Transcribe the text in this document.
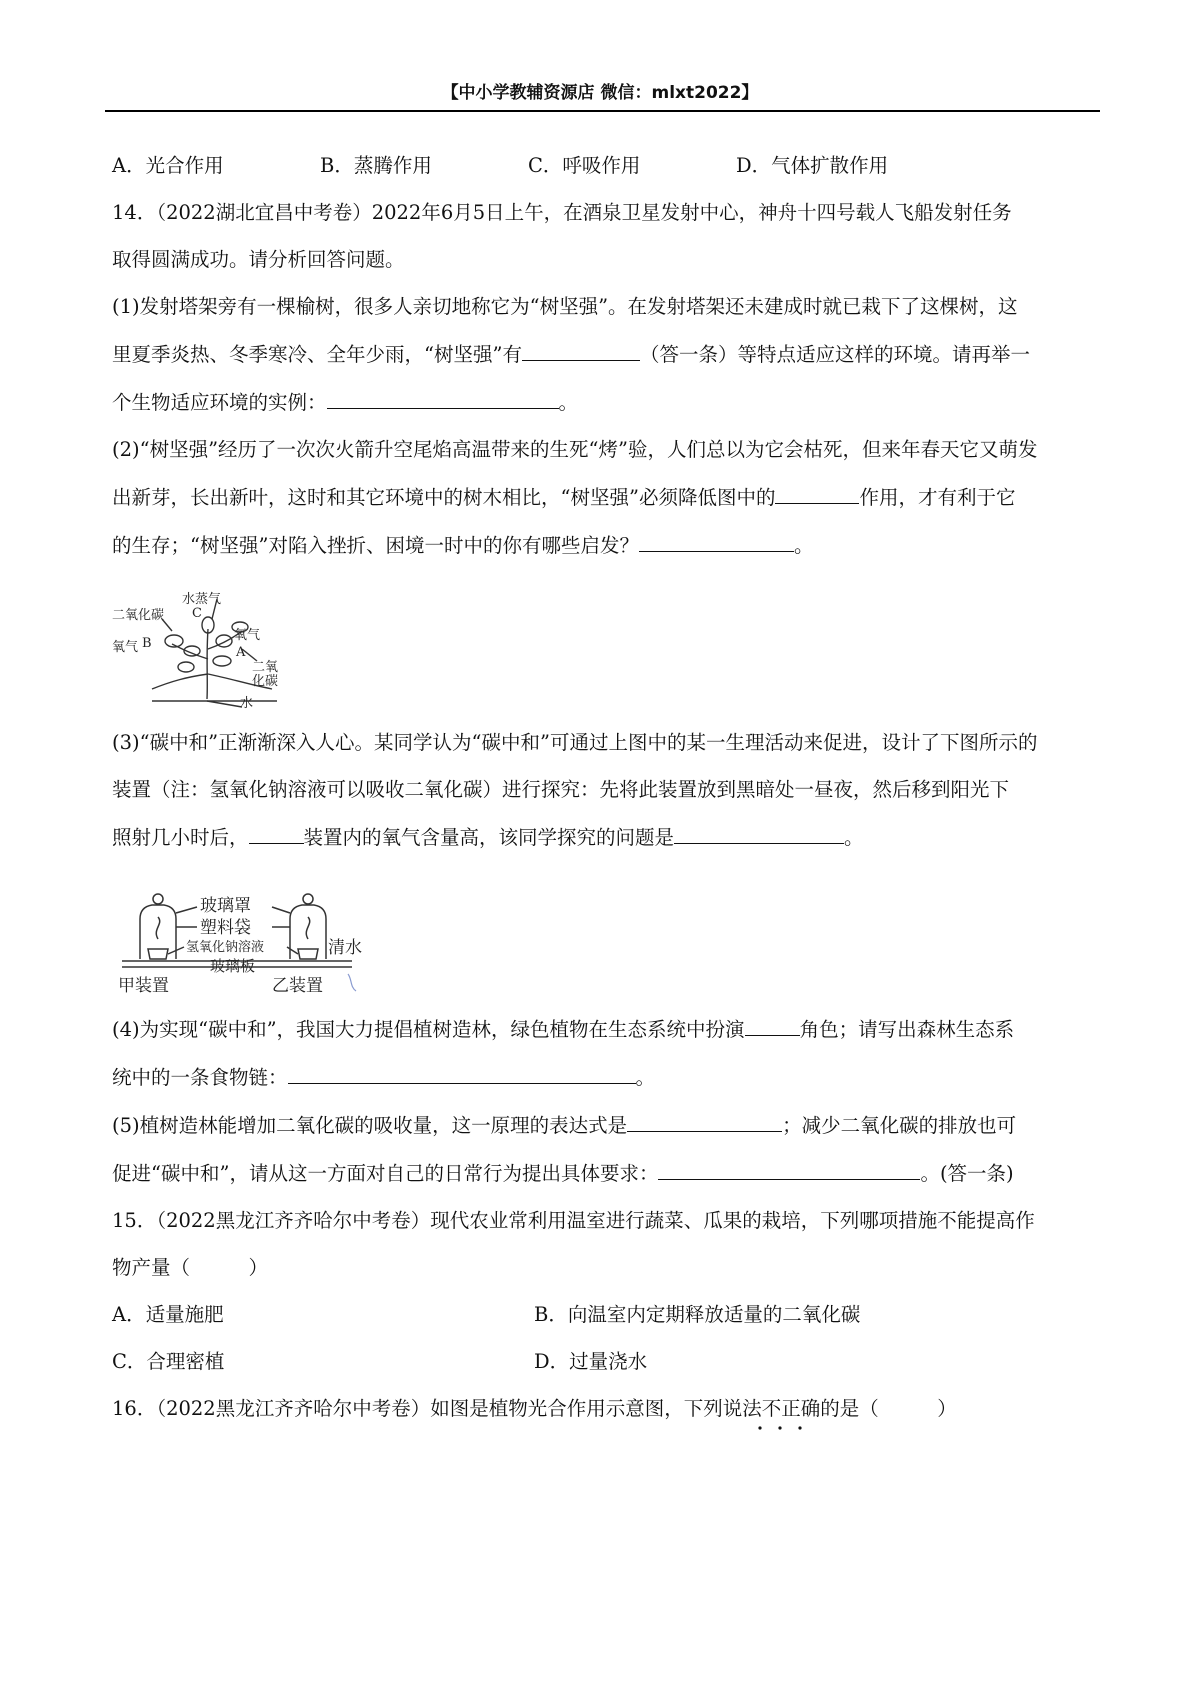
【中小学教辅资源店 微信：mlxt2022】
A．光合作用	B．蒸腾作用	C．呼吸作用	D．气体扩散作用
14．（2022湖北宜昌中考卷）2022年6月5日上午，在酒泉卫星发射中心，神舟十四号载人飞船发射任务
取得圆满成功。请分析回答问题。
(1)发射塔架旁有一棵榆树，很多人亲切地称它为“树坚强”。在发射塔架还未建成时就已栽下了这棵树，这
里夏季炎热、冬季寒冷、全年少雨，“树坚强”有	（答一条）等特点适应这样的环境。请再举一
个生物适应环境的实例：	。
(2)“树坚强”经历了一次次火箭升空尾焰高温带来的生死“烤”验，人们总以为它会枯死，但来年春天它又萌发
出新芽，长出新叶，这时和其它环境中的树木相比，“树坚强”必须降低图中的	作用，才有利于它
的生存；“树坚强”对陷入挫折、困境一时中的你有哪些启发？	。
水蒸气
二氧化碳 C
氧气 B
氧气
A
二氧
化碳
水
(3)“碳中和”正渐渐深入人心。某同学认为“碳中和”可通过上图中的某一生理活动来促进，设计了下图所示的
装置（注：氢氧化钠溶液可以吸收二氧化碳）进行探究：先将此装置放到黑暗处一昼夜，然后移到阳光下
照射几小时后，	装置内的氧气含量高，该同学探究的问题是	。
玻璃罩
塑料袋
氢氧化钠溶液	清水
玻璃板
甲装置	乙装置
(4)为实现“碳中和”，我国大力提倡植树造林，绿色植物在生态系统中扮演	角色；请写出森林生态系
统中的一条食物链：	。
(5)植树造林能增加二氧化碳的吸收量，这一原理的表达式是	；减少二氧化碳的排放也可
促进“碳中和”，请从这一方面对自己的日常行为提出具体要求：	。(答一条)
15．（2022黑龙江齐齐哈尔中考卷）现代农业常利用温室进行蔬菜、瓜果的栽培，下列哪项措施不能提高作
物产量（　　　）
A．适量施肥	B．向温室内定期释放适量的二氧化碳
C．合理密植	D．过量浇水
16．（2022黑龙江齐齐哈尔中考卷）如图是植物光合作用示意图，下列说法不正确的是（　　　）
